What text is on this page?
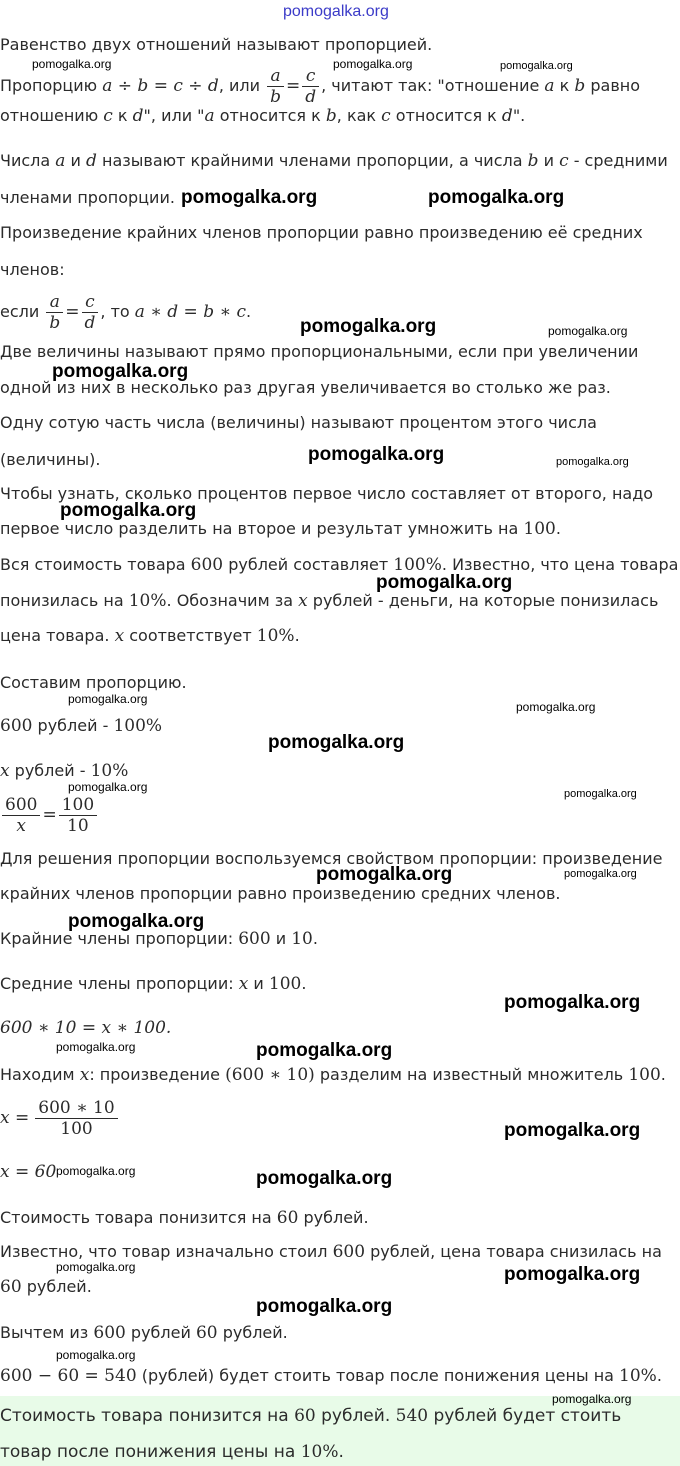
pomogalka.org
Равенство двух отношений называют пропорцией.
Пропорцию a ÷ b = c ÷ d, или $\frac{a}{b} = \frac{c}{d}$ , читают так: "отношение a к b равно
отношению c к d", или "a относится к b, как c относится к d".
Числа a и d называют крайними членами пропорции, а числа b и c - средними
членами пропорции.
Произведение крайних членов пропорции равно произведению её средних
членов:
если $\frac{a}{b} = \frac{c}{d}$ , то a ∗ d = b ∗ c.
Две величины называют прямо пропорциональными, если при увеличении
одной из них в несколько раз другая увеличивается во столько же раз.
Одну сотую часть числа (величины) называют процентом этого числа
(величины).
Чтобы узнать, сколько процентов первое число составляет от второго, надо
первое число разделить на второе и результат умножить на 100.
Вся стоимость товара 600 рублей составляет 100%. Известно, что цена товара
понизилась на 10%. Обозначим за x рублей - деньги, на которые понизилась
цена товара. x соответствует 10%.
Составим пропорцию.
600 рублей - 100%
x рублей - 10%
$\frac{600}{x} = \frac{100}{10}$
Для решения пропорции воспользуемся свойством пропорции: произведение
крайних членов пропорции равно произведению средних членов.
Крайние члены пропорции: 600 и 10.
Средние члены пропорции: x и 100.
600 ∗ 10 = x ∗ 100.
Находим x: произведение (600 ∗ 10) разделим на известный множитель 100.
$x = \frac{600 ∗ 10}{100}$
x = 60
Стоимость товара понизится на 60 рублей.
Известно, что товар изначально стоил 600 рублей, цена товара снизилась на
60 рублей.
Вычтем из 600 рублей 60 рублей.
600 − 60 = 540 (рублей) будет стоить товар после понижения цены на 10%.
Стоимость товара понизится на 60 рублей. 540 рублей будет стоить
товар после понижения цены на 10%.
pomogalka.org	pomogalka.org	pomogalka.org
pomogalka.org	pomogalka.org
pomogalka.org	pomogalka.org
pomogalka.org
pomogalka.org	pomogalka.org
pomogalka.org
pomogalka.org
pomogalka.org
pomogalka.org
pomogalka.org
pomogalka.org	pomogalka.org
pomogalka.org	pomogalka.org
pomogalka.org
pomogalka.org
pomogalka.org	pomogalka.org
pomogalka.org
pomogalka.org	pomogalka.org
pomogalka.org	pomogalka.org
pomogalka.org
pomogalka.org
pomogalka.org
